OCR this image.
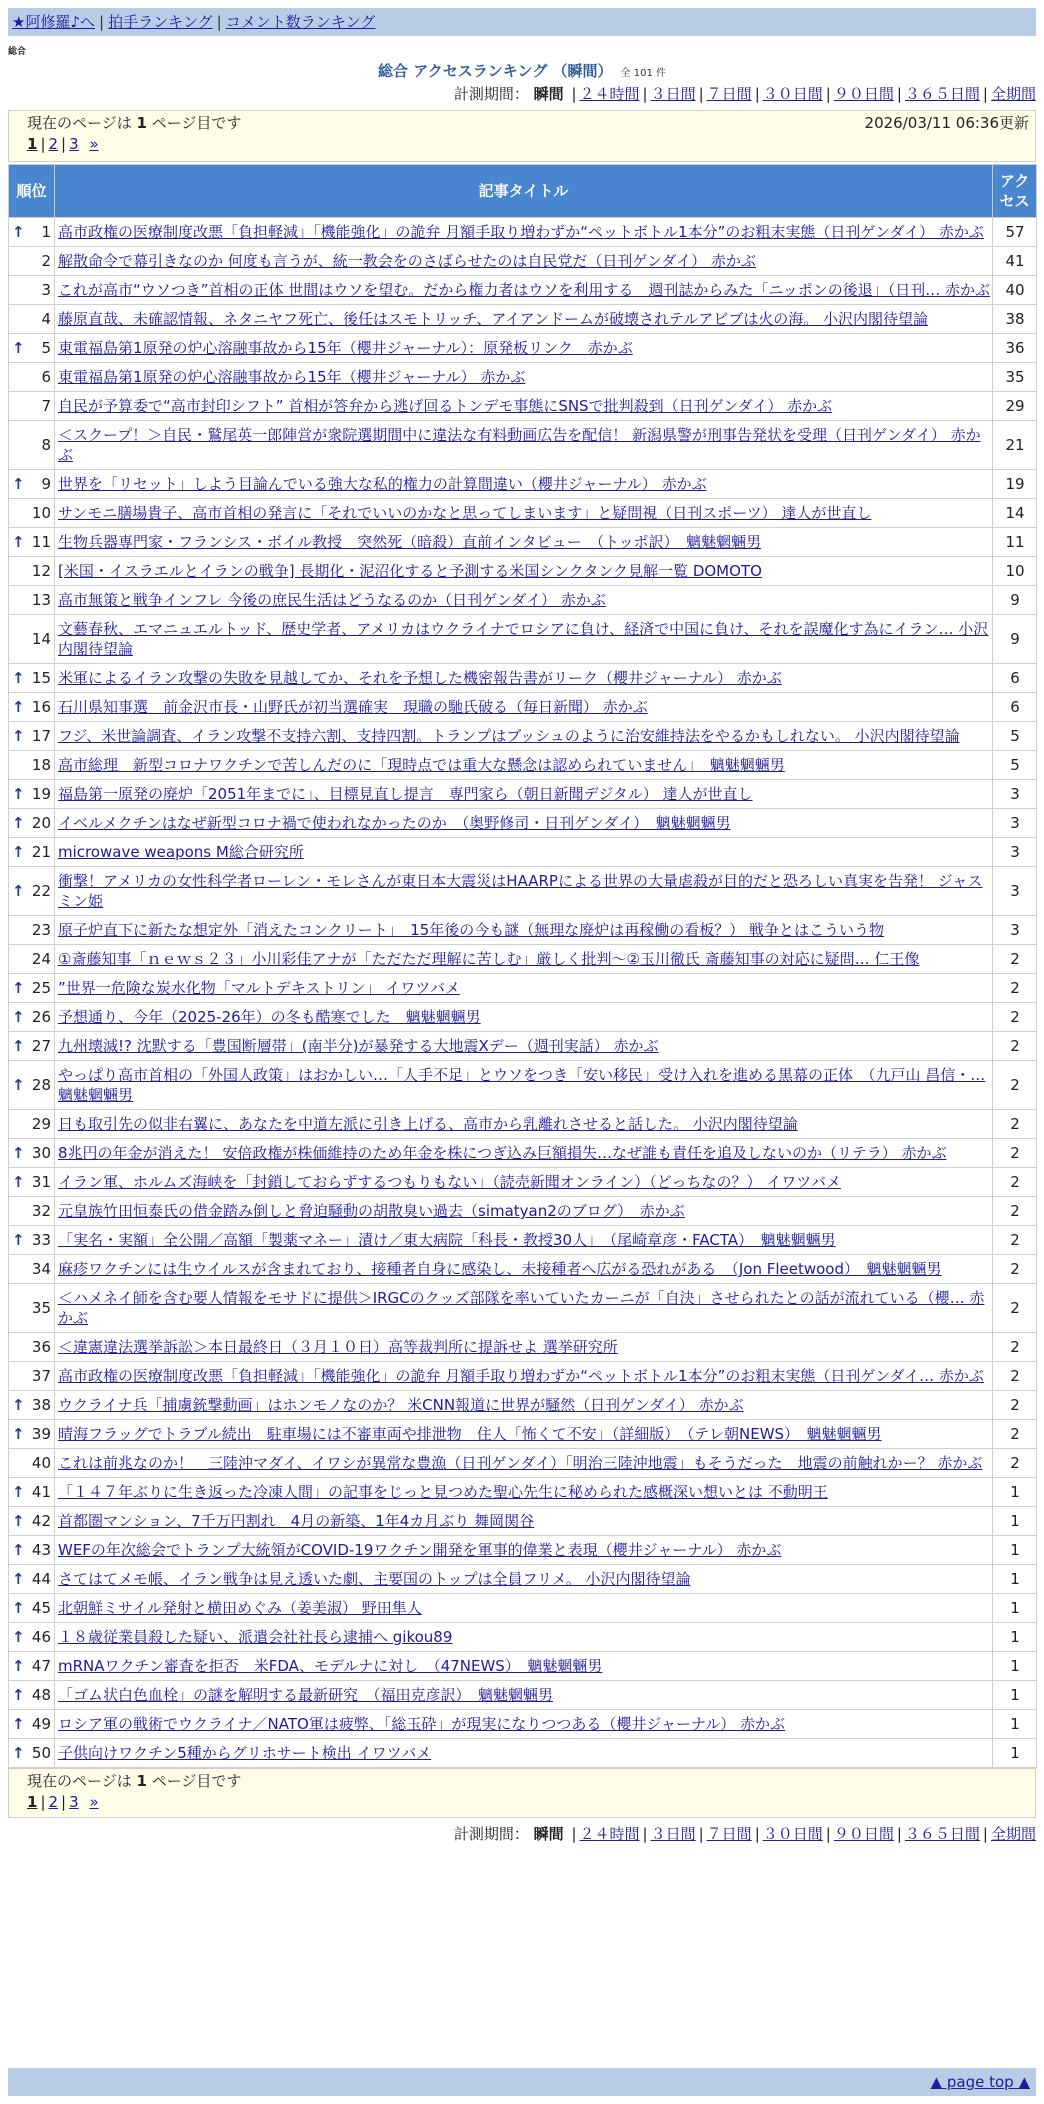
★阿修羅♪へ | 拍手ランキング | コメント数ランキング
総合
総合 アクセスランキング （瞬間） 全 101 件
計測期間： 瞬間 | ２４時間 | ３日間 | ７日間 | ３０日間 | ９０日間 | ３６５日間 | 全期間
現在のページは 1 ページ目です	2026/03/11 06:36更新
1 | 2 | 3 »
順位	記事タイトル	アクセス

↑ 1	高市政権の医療制度改悪「負担軽減」「機能強化」の詭弁 月額手取り増わずか“ペットボトル1本分”のお粗末実態（日刊ゲンダイ） 赤かぶ	57
2	解散命令で幕引きなのか 何度も言うが、統一教会をのさばらせたのは自民党だ（日刊ゲンダイ） 赤かぶ	41
3	これが高市“ウソつき”首相の正体 世間はウソを望む。だから権力者はウソを利用する　週刊誌からみた「ニッポンの後退」（日刊… 赤かぶ	40
4	藤原直哉、未確認情報、ネタニヤフ死亡、後任はスモトリッチ、アイアンドームが破壊されテルアビブは火の海。 小沢内閣待望論	38

↑ 5	東電福島第1原発の炉心溶融事故から15年（櫻井ジャーナル）：原発板リンク　赤かぶ	36
6	東電福島第1原発の炉心溶融事故から15年（櫻井ジャーナル） 赤かぶ	35
7	自民が予算委で“高市封印シフト” 首相が答弁から逃げ回るトンデモ事態にSNSで批判殺到（日刊ゲンダイ） 赤かぶ	29
8	＜スクープ！＞自民・鷲尾英一郎陣営が衆院選期間中に違法な有料動画広告を配信！ 新潟県警が刑事告発状を受理（日刊ゲンダイ） 赤かぶ	21

↑ 9	世界を「リセット」しよう目論んでいる強大な私的権力の計算間違い（櫻井ジャーナル） 赤かぶ	19
10	サンモニ膳場貴子、高市首相の発言に「それでいいのかなと思ってしまいます」と疑問視（日刊スポーツ） 達人が世直し	14

↑ 11	生物兵器専門家・フランシス・ボイル教授　突然死（暗殺）直前インタビュー　（トッポ訳）　魑魅魍魎男	11
12	[米国・イスラエルとイランの戦争] 長期化・泥沼化すると予測する米国シンクタンク見解一覧 DOMOTO	10
13	高市無策と戦争インフレ 今後の庶民生活はどうなるのか（日刊ゲンダイ） 赤かぶ	9
14	文藝春秋、エマニュエルトッド、歴史学者、アメリカはウクライナでロシアに負け、経済で中国に負け、それを誤魔化す為にイラン… 小沢内閣待望論	9

↑ 15	米軍によるイラン攻撃の失敗を見越してか、それを予想した機密報告書がリーク（櫻井ジャーナル） 赤かぶ	6

↑ 16	石川県知事選　前金沢市長・山野氏が初当選確実　現職の馳氏破る（毎日新聞） 赤かぶ	6

↑ 17	フジ、米世論調査、イラン攻撃不支持六割、支持四割。トランプはブッシュのように治安維持法をやるかもしれない。 小沢内閣待望論	5
18	高市総理　新型コロナワクチンで苦しんだのに「現時点では重大な懸念は認められていません」　魑魅魍魎男	5

↑ 19	福島第一原発の廃炉「2051年までに」、目標見直し提言　専門家ら（朝日新聞デジタル） 達人が世直し	3

↑ 20	イベルメクチンはなぜ新型コロナ禍で使われなかったのか　（奥野修司・日刊ゲンダイ）　魑魅魍魎男	3

↑ 21	microwave weapons M総合研究所	3

↑ 22	衝撃！アメリカの女性科学者ローレン・モレさんが東日本大震災はHAARPによる世界の大量虐殺が目的だと恐ろしい真実を告発！ ジャスミン姫	3
23	原子炉直下に新たな想定外「消えたコンクリート」　15年後の今も謎（無理な廃炉は再稼働の看板？） 戦争とはこういう物	3
24	①斎藤知事「ｎｅｗｓ２３」小川彩佳アナが「ただただ理解に苦しむ」厳しく批判〜②玉川徹氏 斎藤知事の対応に疑問… 仁王像	2

↑ 25	”世界一危険な炭水化物「マルトデキストリン」 イワツバメ	2

↑ 26	予想通り、今年（2025-26年）の冬も酷寒でした　魑魅魍魎男	2

↑ 27	九州壊滅!? 沈默する「豊国断層帯」(南半分)が暴発する大地震Xデー（週刊実話） 赤かぶ	2

↑ 28	やっぱり高市首相の「外国人政策」はおかしい…「人手不足」とウソをつき「安い移民」受け入れを進める黒幕の正体　（九戸山 昌信・… 魑魅魍魎男	2
29	日も取引先の似非右翼に、あなたを中道左派に引き上げる、高市から乳離れさせると話した。 小沢内閣待望論	2

↑ 30	8兆円の年金が消えた！ 安倍政権が株価維持のため年金を株につぎ込み巨額損失…なぜ誰も責任を追及しないのか（リテラ） 赤かぶ	2

↑ 31	イラン軍、ホルムズ海峡を「封鎖しておらずするつもりもない」（読売新聞オンライン）（どっちなの？） イワツバメ	2
32	元皇族竹田恒泰氏の借金踏み倒しと脅迫騒動の胡散臭い過去（simatyan2のブログ）　赤かぶ	2

↑ 33	「実名・実額」全公開／高額「製薬マネー」漬け／東大病院「科長・教授30人」　（尾崎章彦・FACTA）　魑魅魍魎男	2
34	麻疹ワクチンには生ウイルスが含まれており、接種者自身に感染し、未接種者へ広がる恐れがある　（Jon Fleetwood）　魑魅魍魎男	2
35	＜ハメネイ師を含む要人情報をモサドに提供＞IRGCのクッズ部隊を率いていたカーニが「自決」させられたとの話が流れている（櫻… 赤かぶ	2
36	＜違憲違法選挙訴訟＞本日最終日（３月１０日）高等裁判所に提訴せよ 選挙研究所	2
37	高市政権の医療制度改悪「負担軽減」「機能強化」の詭弁 月額手取り増わずか“ペットボトル1本分”のお粗末実態（日刊ゲンダイ… 赤かぶ	2

↑ 38	ウクライナ兵「捕虜銃撃動画」はホンモノなのか？ 米CNN報道に世界が騒然（日刊ゲンダイ） 赤かぶ	2

↑ 39	晴海フラッグでトラブル続出　駐車場には不審車両や排泄物　住人「怖くて不安」（詳細版）　（テレ朝NEWS）　魑魅魍魎男	2
40	これは前兆なのか！　三陸沖マダイ、イワシが異常な豊漁（日刊ゲンダイ）「明治三陸沖地震」もそうだった　地震の前触れかー？ 赤かぶ	2

↑ 41	「１４７年ぶりに生き返った冷凍人間」の記事をじっと見つめた聖心先生に秘められた感概深い想いとは 不動明王	1

↑ 42	首都圏マンション、7千万円割れ　4月の新築、1年4カ月ぶり 舞岡関谷	1

↑ 43	WEFの年次総会でトランプ大統領がCOVID-19ワクチン開発を軍事的偉業と表現（櫻井ジャーナル） 赤かぶ	1

↑ 44	さてはてメモ帳、イラン戦争は見え透いた劇、主要国のトップは全員フリメ。 小沢内閣待望論	1

↑ 45	北朝鮮ミサイル発射と横田めぐみ（姜美淑） 野田隼人	1

↑ 46	１８歳従業員殺した疑い、派遣会社社長ら逮捕へ gikou89	1

↑ 47	mRNAワクチン審査を拒否　米FDA、モデルナに対し　（47NEWS）　魑魅魍魎男	1

↑ 48	「ゴム状白色血栓」の謎を解明する最新研究　（福田克彦訳）　魑魅魍魎男	1

↑ 49	ロシア軍の戦術でウクライナ／NATO軍は疲弊、「総玉砕」が現実になりつつある（櫻井ジャーナル） 赤かぶ	1

↑ 50	子供向けワクチン5種からグリホサート検出 イワツバメ	1
現在のページは 1 ページ目です
1 | 2 | 3 »
計測期間： 瞬間 | ２４時間 | ３日間 | ７日間 | ３０日間 | ９０日間 | ３６５日間 | 全期間
▲ page top ▲
